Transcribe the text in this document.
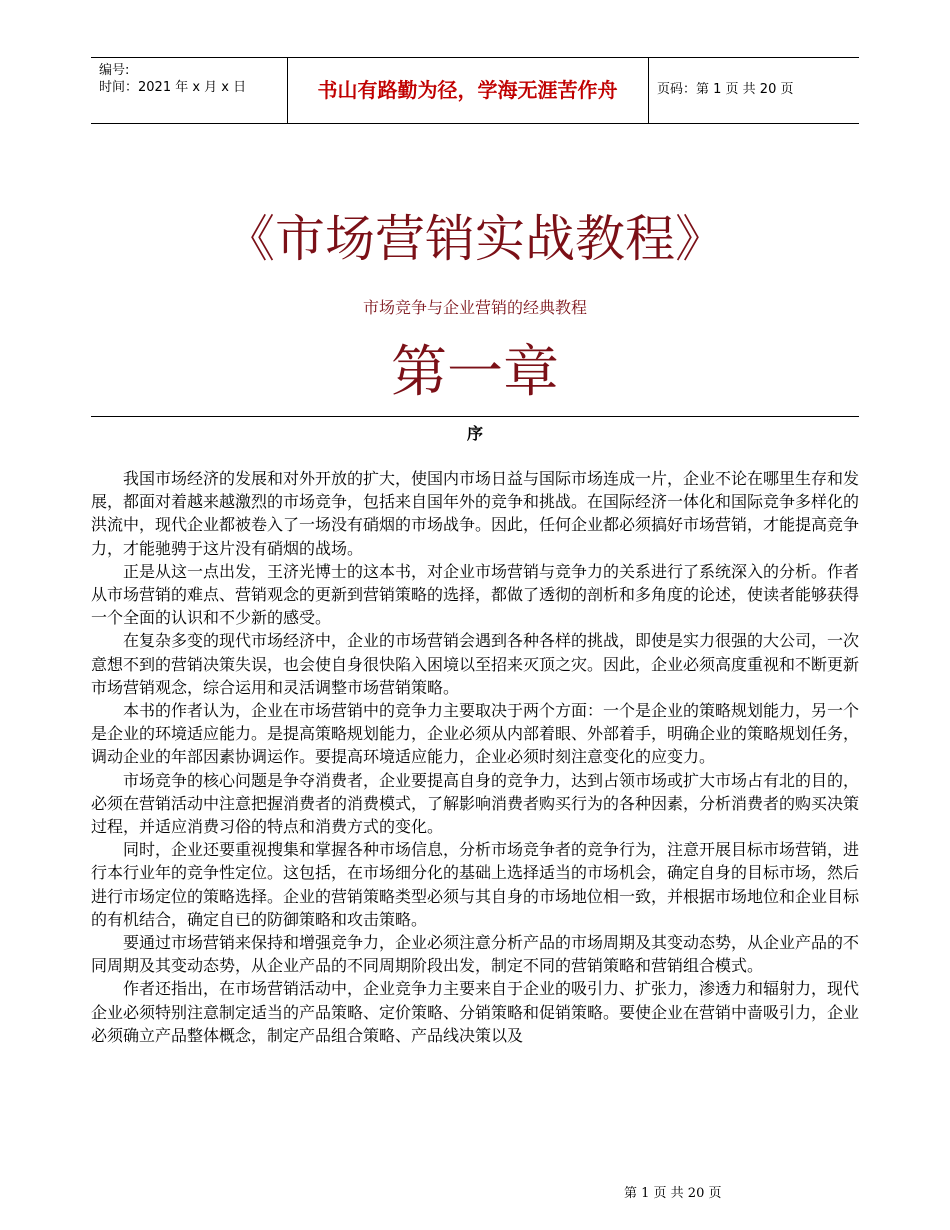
编号:
时间：2021 年 x 月 x 日	书山有路勤为径，学海无涯苦作舟	页码：第 1 页 共 20 页
《市场营销实战教程》
市场竞争与企业营销的经典教程
第一章
序

我国市场经济的发展和对外开放的扩大，使国内市场日益与国际市场连成一片，企业不论在哪里生存和发展，都面对着越来越激烈的市场竞争，包括来自国年外的竞争和挑战。在国际经济一体化和国际竞争多样化的洪流中，现代企业都被卷入了一场没有硝烟的市场战争。因此，任何企业都必须搞好市场营销，才能提高竞争力，才能驰骋于这片没有硝烟的战场。

正是从这一点出发，王济光博士的这本书，对企业市场营销与竞争力的关系进行了系统深入的分析。作者从市场营销的难点、营销观念的更新到营销策略的选择，都做了透彻的剖析和多角度的论述，使读者能够获得一个全面的认识和不少新的感受。

在复杂多变的现代市场经济中，企业的市场营销会遇到各种各样的挑战，即使是实力很强的大公司，一次意想不到的营销决策失误，也会使自身很快陷入困境以至招来灭顶之灾。因此，企业必须高度重视和不断更新市场营销观念，综合运用和灵活调整市场营销策略。

本书的作者认为，企业在市场营销中的竞争力主要取决于两个方面：一个是企业的策略规划能力，另一个是企业的环境适应能力。是提高策略规划能力，企业必须从内部着眼、外部着手，明确企业的策略规划任务，调动企业的年部因素协调运作。要提高环境适应能力，企业必须时刻注意变化的应变力。

市场竞争的核心问题是争夺消费者，企业要提高自身的竞争力，达到占领市场或扩大市场占有北的目的，必须在营销活动中注意把握消费者的消费模式，了解影响消费者购买行为的各种因素，分析消费者的购买决策过程，并适应消费习俗的特点和消费方式的变化。

同时，企业还要重视搜集和掌握各种市场信息，分析市场竞争者的竞争行为，注意开展目标市场营销，进行本行业年的竞争性定位。这包括，在市场细分化的基础上选择适当的市场机会，确定自身的目标市场，然后进行市场定位的策略选择。企业的营销策略类型必须与其自身的市场地位相一致，并根据市场地位和企业目标的有机结合，确定自已的防御策略和攻击策略。

要通过市场营销来保持和增强竞争力，企业必须注意分析产品的市场周期及其变动态势，从企业产品的不同周期及其变动态势，从企业产品的不同周期阶段出发，制定不同的营销策略和营销组合模式。

作者还指出，在市场营销活动中，企业竞争力主要来自于企业的吸引力、扩张力，渗透力和辐射力，现代企业必须特别注意制定适当的产品策略、定价策略、分销策略和促销策略。要使企业在营销中啬吸引力，企业必须确立产品整体概念，制定产品组合策略、产品线决策以及

第 1 页 共 20 页
